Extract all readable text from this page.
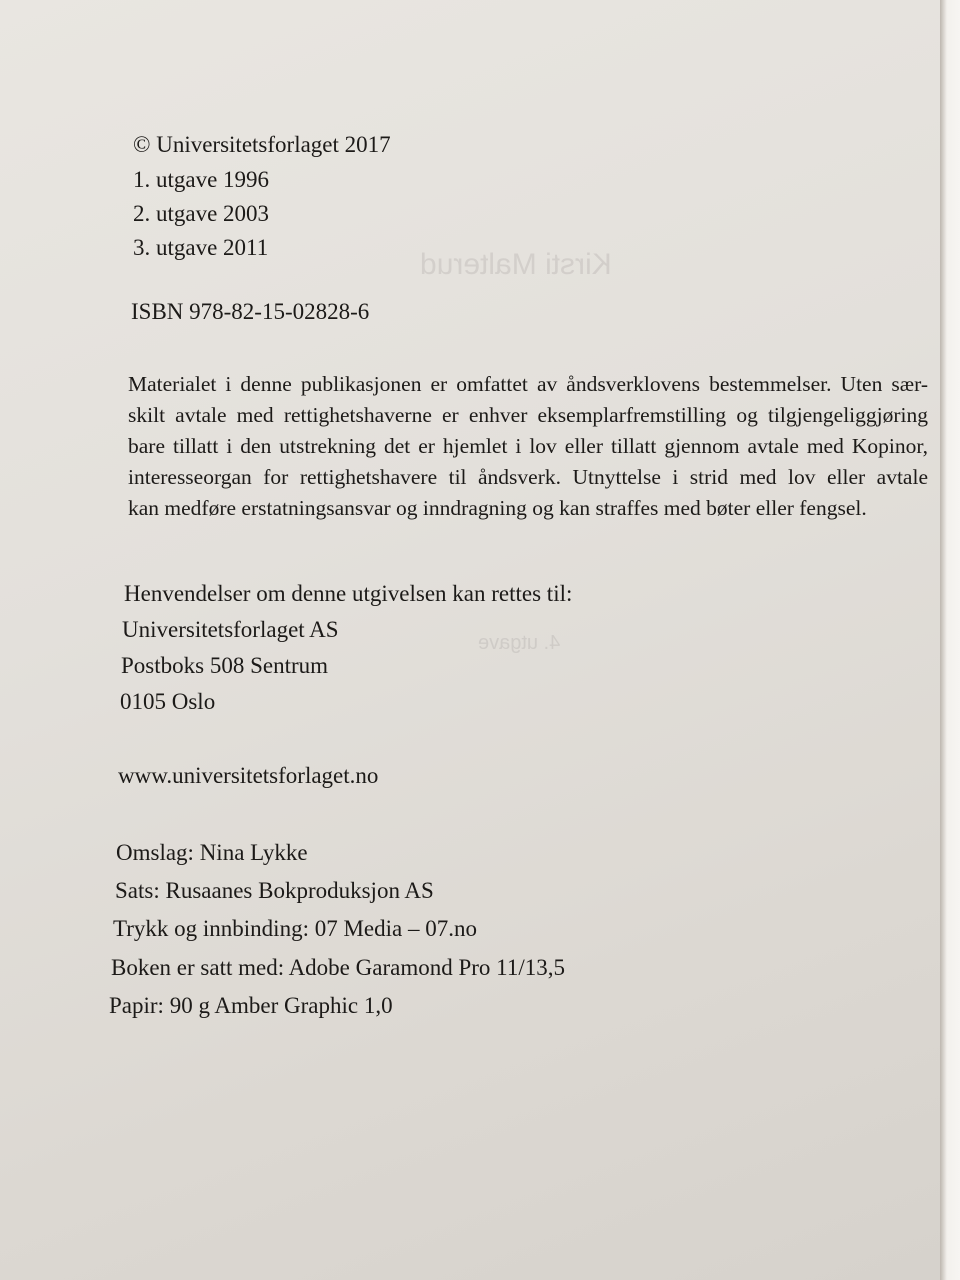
Kirsti Malterud
4. utgave
© Universitetsforlaget 2017
1. utgave 1996
2. utgave 2003
3. utgave 2011
ISBN 978-82-15-02828-6
Materialet i denne publikasjonen er omfattet av åndsverklovens bestemmelser. Uten sær-
skilt avtale med rettighetshaverne er enhver eksemplarfremstilling og tilgjengeliggjøring
bare tillatt i den utstrekning det er hjemlet i lov eller tillatt gjennom avtale med Kopinor,
interesseorgan for rettighetshavere til åndsverk. Utnyttelse i strid med lov eller avtale
kan medføre erstatningsansvar og inndragning og kan straffes med bøter eller fengsel.
Henvendelser om denne utgivelsen kan rettes til:
Universitetsforlaget AS
Postboks 508 Sentrum
0105 Oslo
www.universitetsforlaget.no
Omslag: Nina Lykke
Sats: Rusaanes Bokproduksjon AS
Trykk og innbinding: 07 Media – 07.no
Boken er satt med: Adobe Garamond Pro 11/13,5
Papir: 90 g Amber Graphic 1,0
